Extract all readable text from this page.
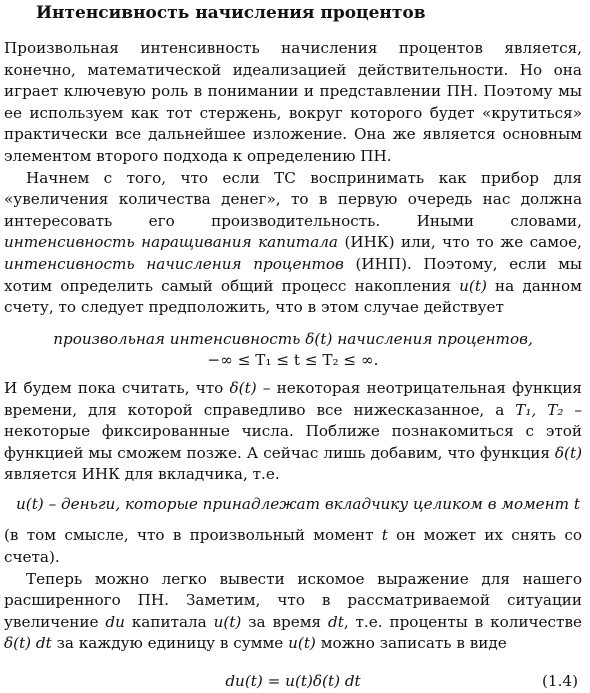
Интенсивность начисления процентов

Произвольная интенсивность начисления процентов является, конечно, математической идеализацией действительности. Но она играет ключевую роль в понимании и представлении ПН. Поэтому мы ее используем как тот стержень, вокруг которого будет «крутиться» практически все дальнейшее изложение. Она же является основным элементом второго подхода к определению ПН.

Начнем с того, что если ТС воспринимать как прибор для «увеличения количества денег», то в первую очередь нас должна интересовать его производительность. Иными словами, интенсивность наращивания капитала (ИНК) или, что то же самое, интенсивность начисления процентов (ИНП). Поэтому, если мы хотим определить самый общий процесс накопления u(t) на данном счету, то следует предположить, что в этом случае действует

произвольная интенсивность δ(t) начисления процентов,
−∞ ≤ T₁ ≤ t ≤ T₂ ≤ ∞.

И будем пока считать, что δ(t) – некоторая неотрицательная функция времени, для которой справедливо все нижесказанное, а T₁, T₂ – некоторые фиксированные числа. Поближе познакомиться с этой функцией мы сможем позже. А сейчас лишь добавим, что функция δ(t) является ИНК для вкладчика, т.е.

u(t) – деньги, которые принадлежат вкладчику целиком в момент t

(в том смысле, что в произвольный момент t он может их снять со счета).

Теперь можно легко вывести искомое выражение для нашего расширенного ПН. Заметим, что в рассматриваемой ситуации увеличение du капитала u(t) за время dt, т.е. проценты в количестве δ(t) dt за каждую единицу в сумме u(t) можно записать в виде

du(t) = u(t)δ(t) dt	(1.4)
